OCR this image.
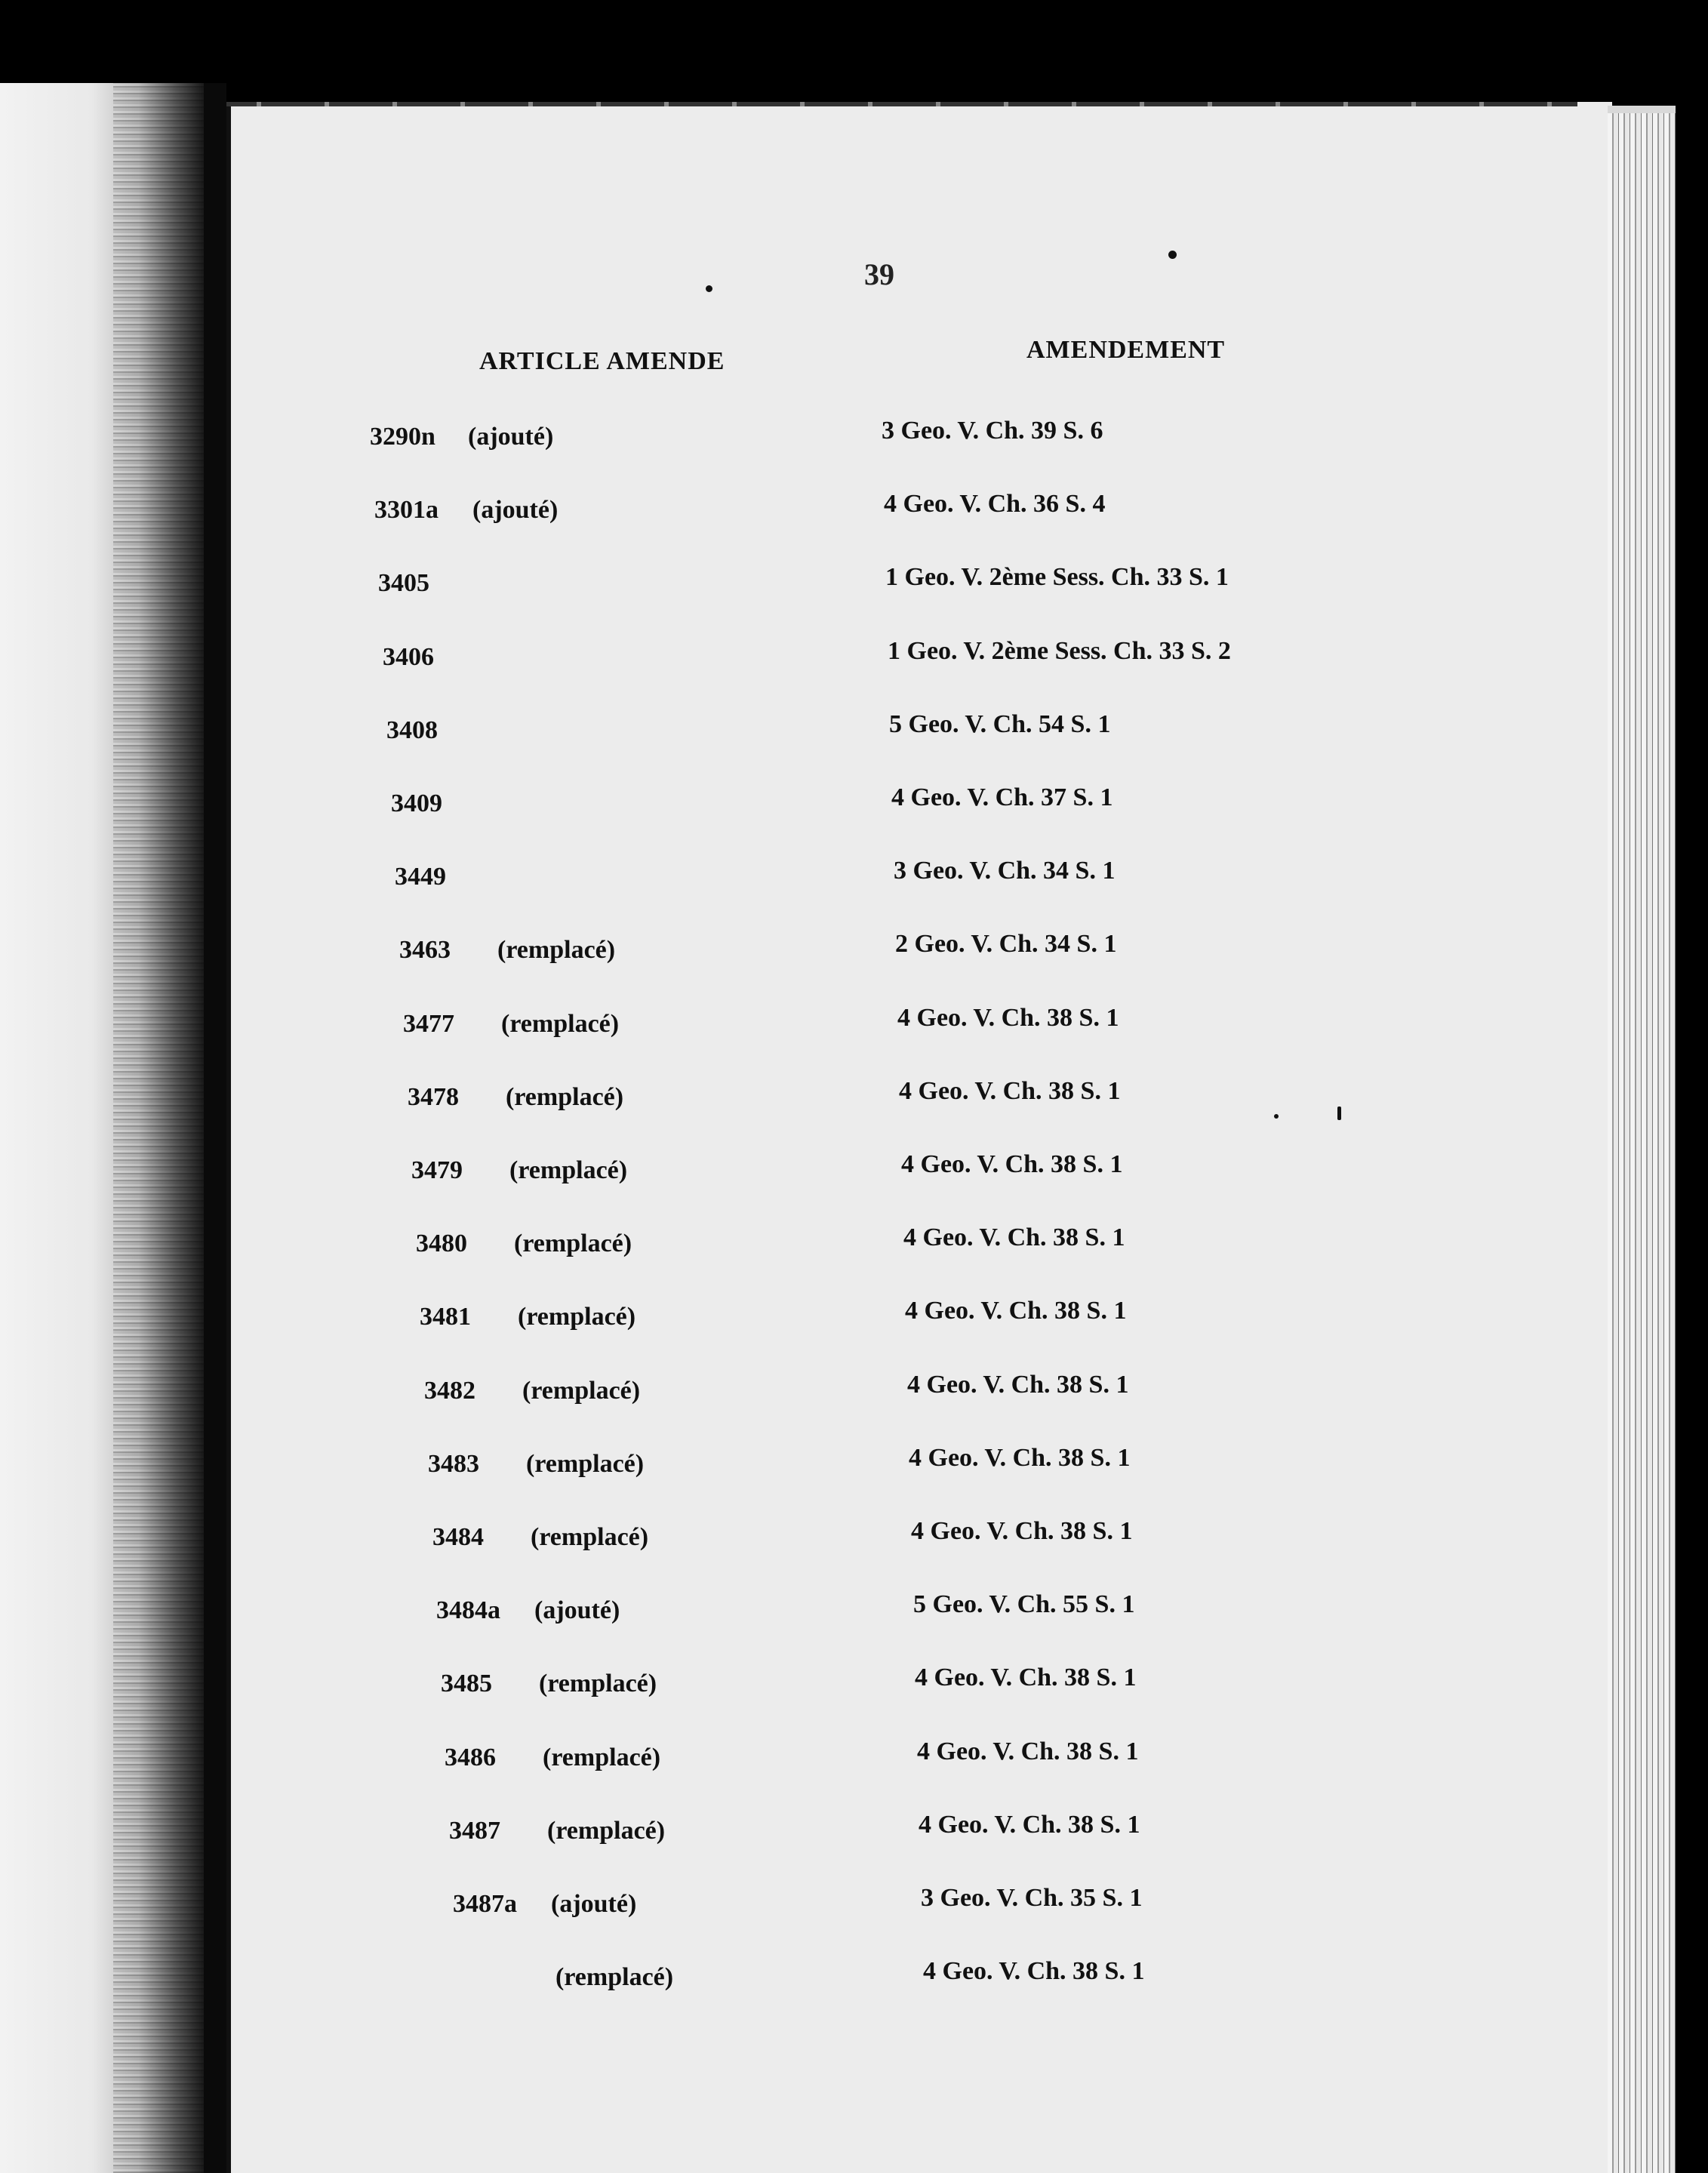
39
ARTICLE AMENDE	AMENDEMENT
3290n (ajouté)	3 Geo. V. Ch. 39 S. 6
3301a (ajouté)	4 Geo. V. Ch. 36 S. 4
3405	1 Geo. V. 2ème Sess. Ch. 33 S. 1
3406	1 Geo. V. 2ème Sess. Ch. 33 S. 2
3408	5 Geo. V. Ch. 54 S. 1
3409	4 Geo. V. Ch. 37 S. 1
3449	3 Geo. V. Ch. 34 S. 1
3463 (remplacé)	2 Geo. V. Ch. 34 S. 1
3477 (remplacé)	4 Geo. V. Ch. 38 S. 1
3478 (remplacé)	4 Geo. V. Ch. 38 S. 1
3479 (remplacé)	4 Geo. V. Ch. 38 S. 1
3480 (remplacé)	4 Geo. V. Ch. 38 S. 1
3481 (remplacé)	4 Geo. V. Ch. 38 S. 1
3482 (remplacé)	4 Geo. V. Ch. 38 S. 1
3483 (remplacé)	4 Geo. V. Ch. 38 S. 1
3484 (remplacé)	4 Geo. V. Ch. 38 S. 1
3484a (ajouté)	5 Geo. V. Ch. 55 S. 1
3485 (remplacé)	4 Geo. V. Ch. 38 S. 1
3486 (remplacé)	4 Geo. V. Ch. 38 S. 1
3487 (remplacé)	4 Geo. V. Ch. 38 S. 1
3487a (ajouté)	3 Geo. V. Ch. 35 S. 1
(remplacé)	4 Geo. V. Ch. 38 S. 1
